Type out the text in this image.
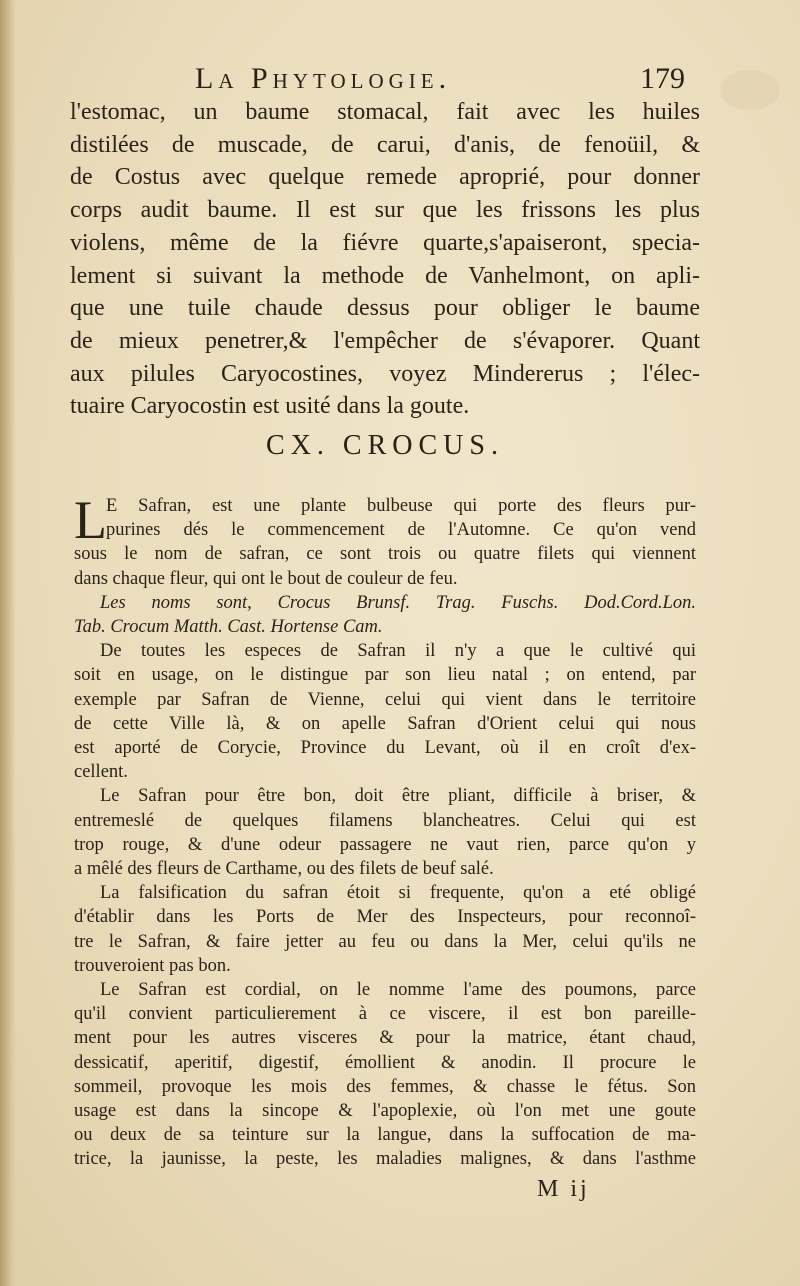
La Phytologie.	179
l'estomac, un baume stomacal, fait avec les huiles
distilées de muscade, de carui, d'anis, de fenoüil, &
de Costus avec quelque remede aproprié, pour donner
corps audit baume. Il est sur que les frissons les plus
violens, même de la fiévre quarte,s'apaiseront, specia-
lement si suivant la methode de Vanhelmont, on apli-
que une tuile chaude dessus pour obliger le baume
de mieux penetrer,& l'empêcher de s'évaporer. Quant
aux pilules Caryocostines, voyez Mindererus ; l'élec-
tuaire Caryocostin est usité dans la goute.
CX. CROCUS.
L E Safran, est une plante bulbeuse qui porte des fleurs pur-
purines dés le commencement de l'Automne. Ce qu'on vend
sous le nom de safran, ce sont trois ou quatre filets qui viennent
dans chaque fleur, qui ont le bout de couleur de feu.
Les noms sont, Crocus Brunsf. Trag. Fuschs. Dod.Cord.Lon.
Tab. Crocum Matth. Cast. Hortense Cam.
De toutes les especes de Safran il n'y a que le cultivé qui
soit en usage, on le distingue par son lieu natal ; on entend, par
exemple par Safran de Vienne, celui qui vient dans le territoire
de cette Ville là, & on apelle Safran d'Orient celui qui nous
est aporté de Corycie, Province du Levant, où il en croît d'ex-
cellent.
Le Safran pour être bon, doit être pliant, difficile à briser, &
entremeslé de quelques filamens blancheatres. Celui qui est
trop rouge, & d'une odeur passagere ne vaut rien, parce qu'on y
a mêlé des fleurs de Carthame, ou des filets de beuf salé.
La falsification du safran étoit si frequente, qu'on a eté obligé
d'établir dans les Ports de Mer des Inspecteurs, pour reconnoî-
tre le Safran, & faire jetter au feu ou dans la Mer, celui qu'ils ne
trouveroient pas bon.
Le Safran est cordial, on le nomme l'ame des poumons, parce
qu'il convient particulierement à ce viscere, il est bon pareille-
ment pour les autres visceres & pour la matrice, étant chaud,
dessicatif, aperitif, digestif, émollient & anodin. Il procure le
sommeil, provoque les mois des femmes, & chasse le fétus. Son
usage est dans la sincope & l'apoplexie, où l'on met une goute
ou deux de sa teinture sur la langue, dans la suffocation de ma-
trice, la jaunisse, la peste, les maladies malignes, & dans l'asthme
M ij
